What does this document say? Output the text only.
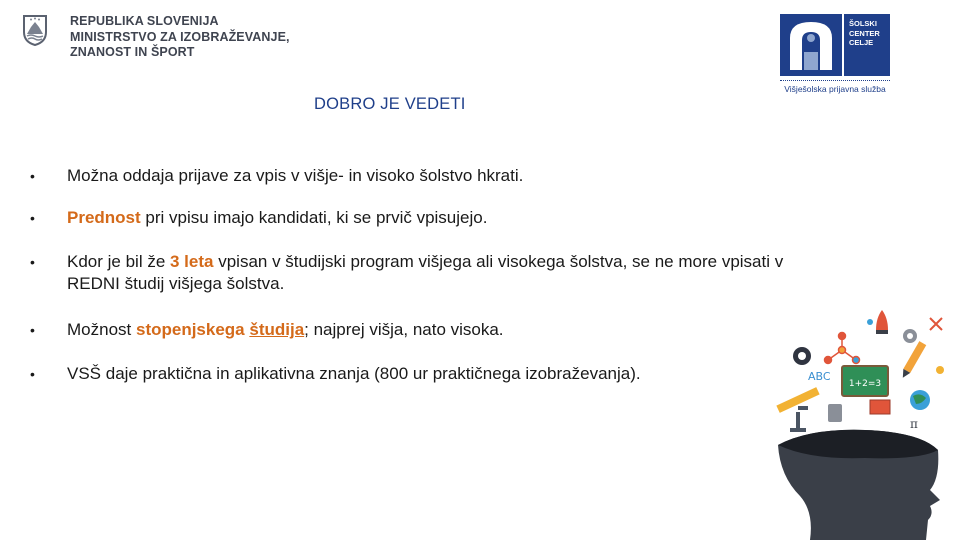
REPUBLIKA SLOVENIJA
MINISTRSTVO ZA IZOBRAŽEVANJE,
ZNANOST IN ŠPORT
ŠOLSKI
CENTER
CELJE
Višješolska prijavna služba
DOBRO JE VEDETI
•	Možna oddaja prijave za vpis v višje- in visoko šolstvo hkrati.
•	Prednost pri vpisu imajo kandidati, ki se prvič vpisujejo.
•	Kdor je bil že 3 leta vpisan v študijski program višjega ali visokega šolstva, se ne more vpisati v REDNI študij višjega šolstva.
•	Možnost stopenjskega študija; najprej višja, nato visoka.
•	VSŠ daje praktična in aplikativna znanja (800 ur praktičnega izobraževanja).
1+2=3
ABC
π
